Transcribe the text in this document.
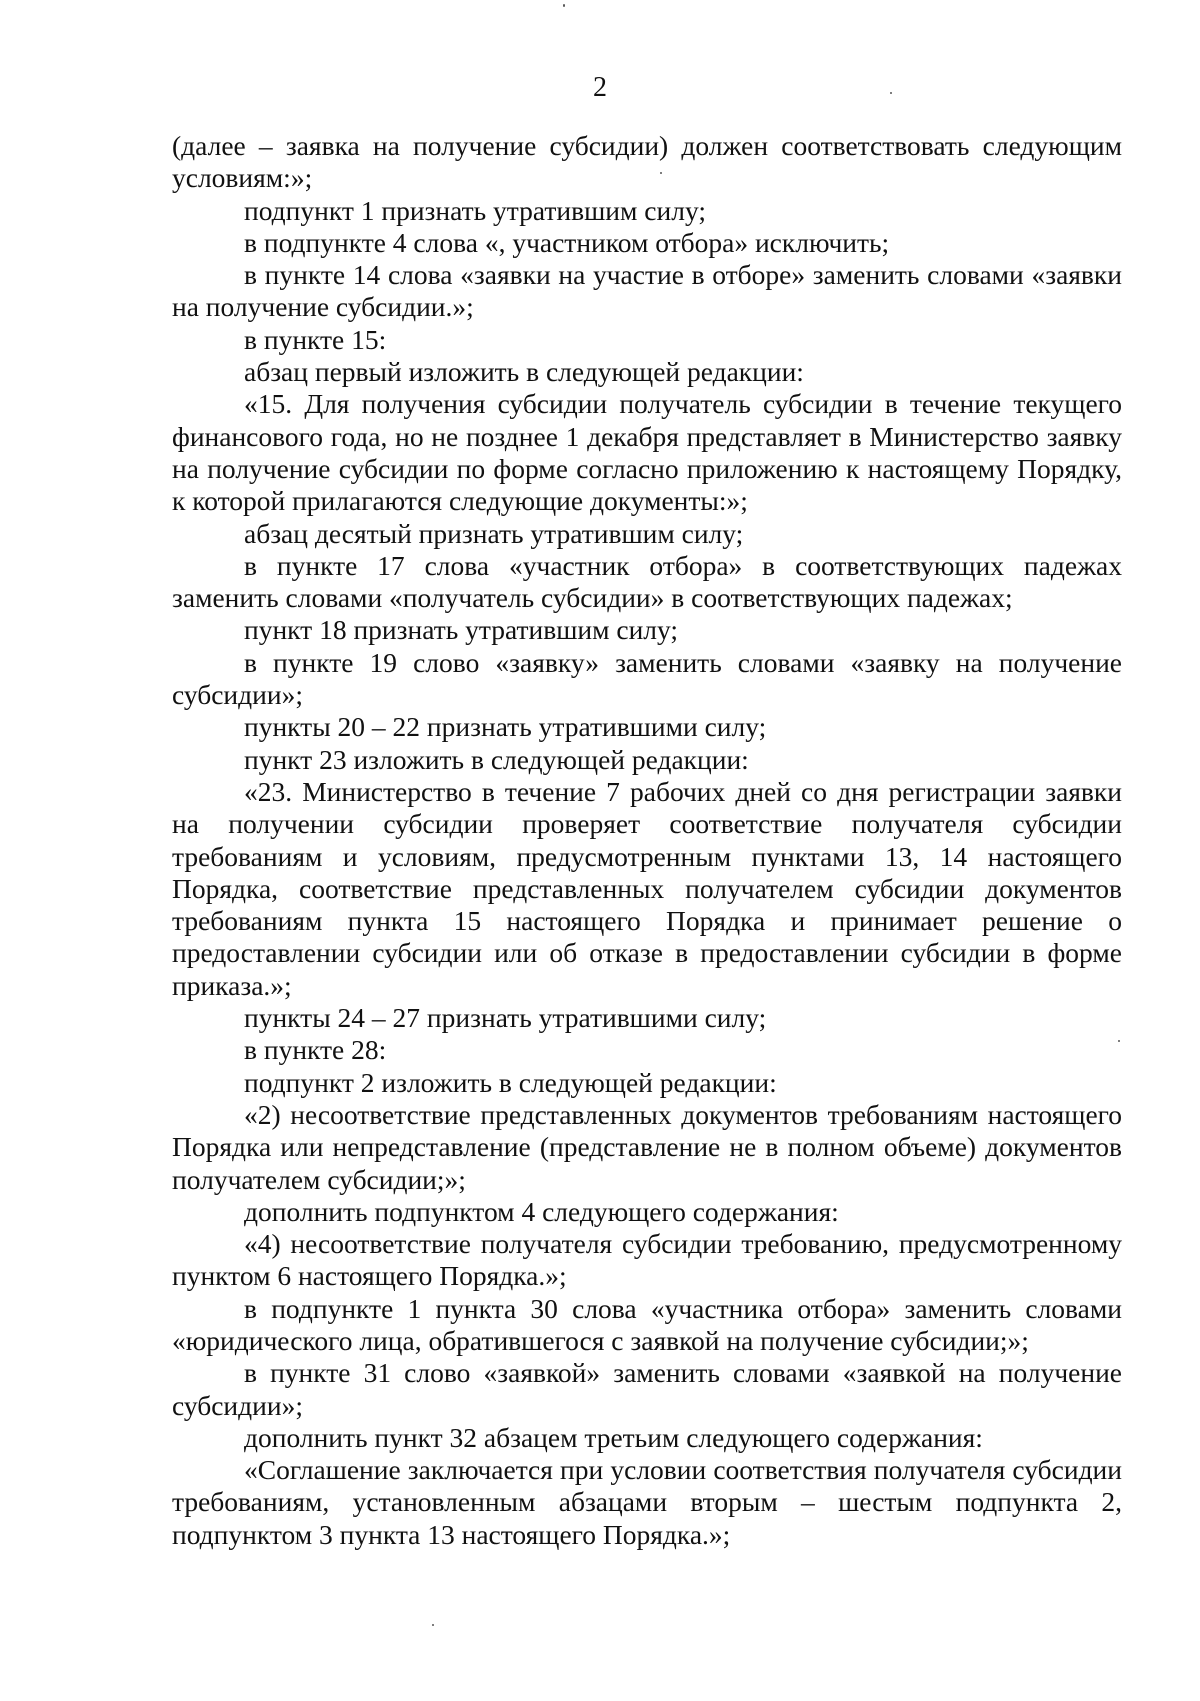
2

(далее – заявка на получение субсидии) должен соответствовать следующим условиям:»;

подпункт 1 признать утратившим силу;

в подпункте 4 слова «, участником отбора» исключить;

в пункте 14 слова «заявки на участие в отборе» заменить словами «заявки на получение субсидии.»;

в пункте 15:

абзац первый изложить в следующей редакции:

«15. Для получения субсидии получатель субсидии в течение текущего финансового года, но не позднее 1 декабря представляет в Министерство заявку на получение субсидии по форме согласно приложению к настоящему Порядку, к которой прилагаются следующие документы:»;

абзац десятый признать утратившим силу;

в пункте 17 слова «участник отбора» в соответствующих падежах заменить словами «получатель субсидии» в соответствующих падежах;

пункт 18 признать утратившим силу;

в пункте 19 слово «заявку» заменить словами «заявку на получение субсидии»;

пункты 20 – 22 признать утратившими силу;

пункт 23 изложить в следующей редакции:

«23. Министерство в течение 7 рабочих дней со дня регистрации заявки на получении субсидии проверяет соответствие получателя субсидии требованиям и условиям, предусмотренным пунктами 13, 14 настоящего Порядка, соответствие представленных получателем субсидии документов требованиям пункта 15 настоящего Порядка и принимает решение о предоставлении субсидии или об отказе в предоставлении субсидии в форме приказа.»;

пункты 24 – 27 признать утратившими силу;

в пункте 28:

подпункт 2 изложить в следующей редакции:

«2) несоответствие представленных документов требованиям настоящего Порядка или непредставление (представление не в полном объеме) документов получателем субсидии;»;

дополнить подпунктом 4 следующего содержания:

«4) несоответствие получателя субсидии требованию, предусмотренному пунктом 6 настоящего Порядка.»;

в подпункте 1 пункта 30 слова «участника отбора» заменить словами «юридического лица, обратившегося с заявкой на получение субсидии;»;

в пункте 31 слово «заявкой» заменить словами «заявкой на получение субсидии»;

дополнить пункт 32 абзацем третьим следующего содержания:

«Соглашение заключается при условии соответствия получателя субсидии требованиям, установленным абзацами вторым – шестым подпункта 2, подпунктом 3 пункта 13 настоящего Порядка.»;
